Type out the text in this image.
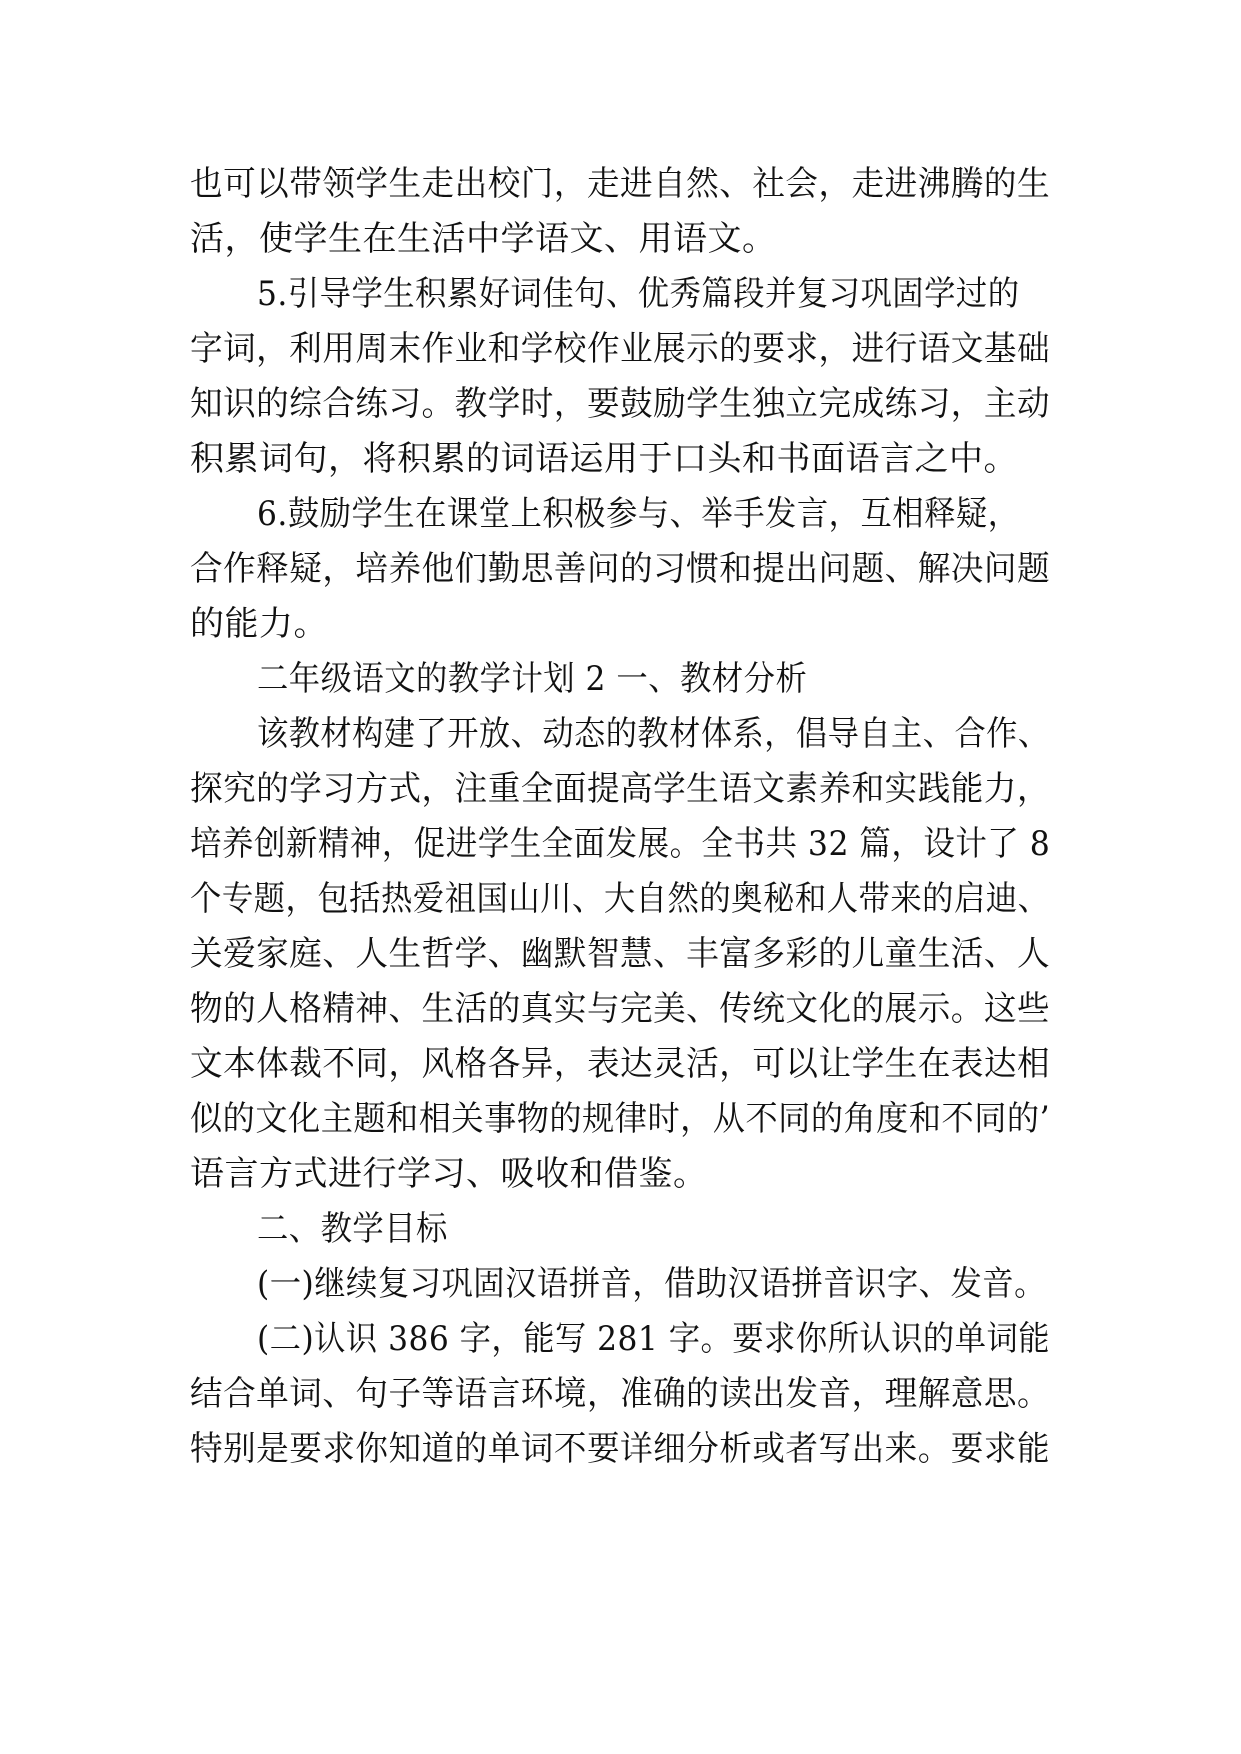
也可以带领学生走出校门，走进自然、社会，走进沸腾的生
活，使学生在生活中学语文、用语文。
5.引导学生积累好词佳句、优秀篇段并复习巩固学过的
字词，利用周末作业和学校作业展示的要求，进行语文基础
知识的综合练习。教学时，要鼓励学生独立完成练习，主动
积累词句，将积累的词语运用于口头和书面语言之中。
6.鼓励学生在课堂上积极参与、举手发言，互相释疑，
合作释疑，培养他们勤思善问的习惯和提出问题、解决问题
的能力。
二年级语文的教学计划 2 一、教材分析
该教材构建了开放、动态的教材体系，倡导自主、合作、
探究的学习方式，注重全面提高学生语文素养和实践能力，
培养创新精神，促进学生全面发展。全书共 32 篇，设计了 8
个专题，包括热爱祖国山川、大自然的奥秘和人带来的启迪、
关爱家庭、人生哲学、幽默智慧、丰富多彩的儿童生活、人
物的人格精神、生活的真实与完美、传统文化的展示。这些
文本体裁不同，风格各异，表达灵活，可以让学生在表达相
似的文化主题和相关事物的规律时，从不同的角度和不同的’
语言方式进行学习、吸收和借鉴。
二、教学目标
(一)继续复习巩固汉语拼音，借助汉语拼音识字、发音。
(二)认识 386 字，能写 281 字。要求你所认识的单词能
结合单词、句子等语言环境，准确的读出发音，理解意思。
特别是要求你知道的单词不要详细分析或者写出来。要求能
